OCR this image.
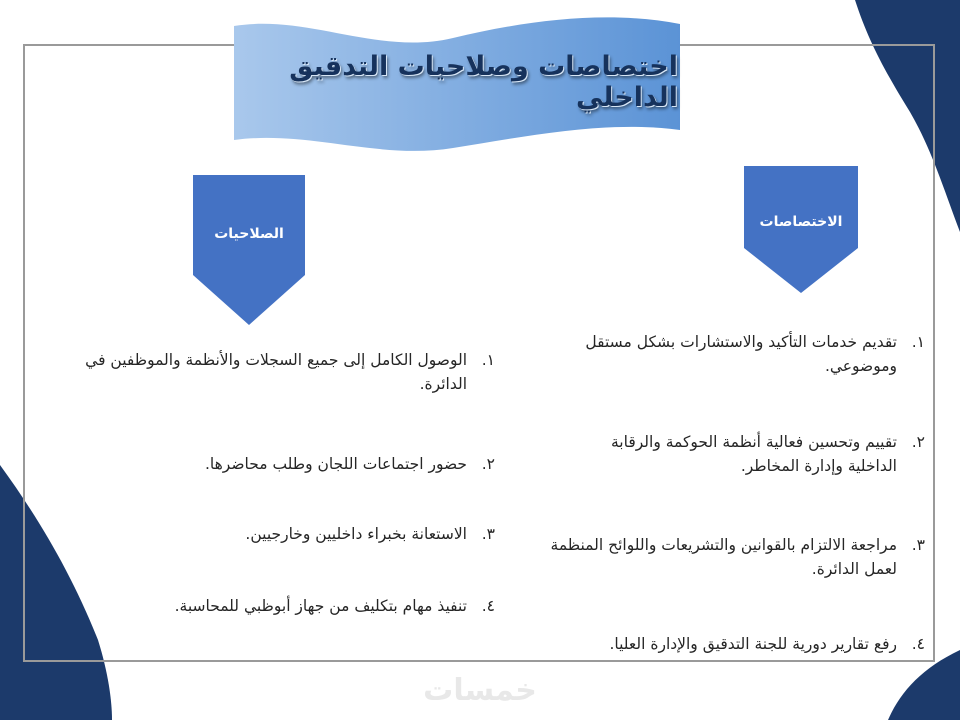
اختصاصات وصلاحيات التدقيق الداخلي
الاختصاصات
الصلاحيات
١.
تقديم خدمات التأكيد والاستشارات بشكل مستقل وموضوعي.
٢.
تقييم وتحسين فعالية أنظمة الحوكمة والرقابة الداخلية وإدارة المخاطر.
٣.
مراجعة الالتزام بالقوانين والتشريعات واللوائح المنظمة لعمل الدائرة.
٤.
رفع تقارير دورية للجنة التدقيق والإدارة العليا.
١.
الوصول الكامل إلى جميع السجلات والأنظمة والموظفين في الدائرة.
٢.
حضور اجتماعات اللجان وطلب محاضرها.
٣.
الاستعانة بخبراء داخليين وخارجيين.
٤.
تنفيذ مهام بتكليف من جهاز أبوظبي للمحاسبة.
خمسات
